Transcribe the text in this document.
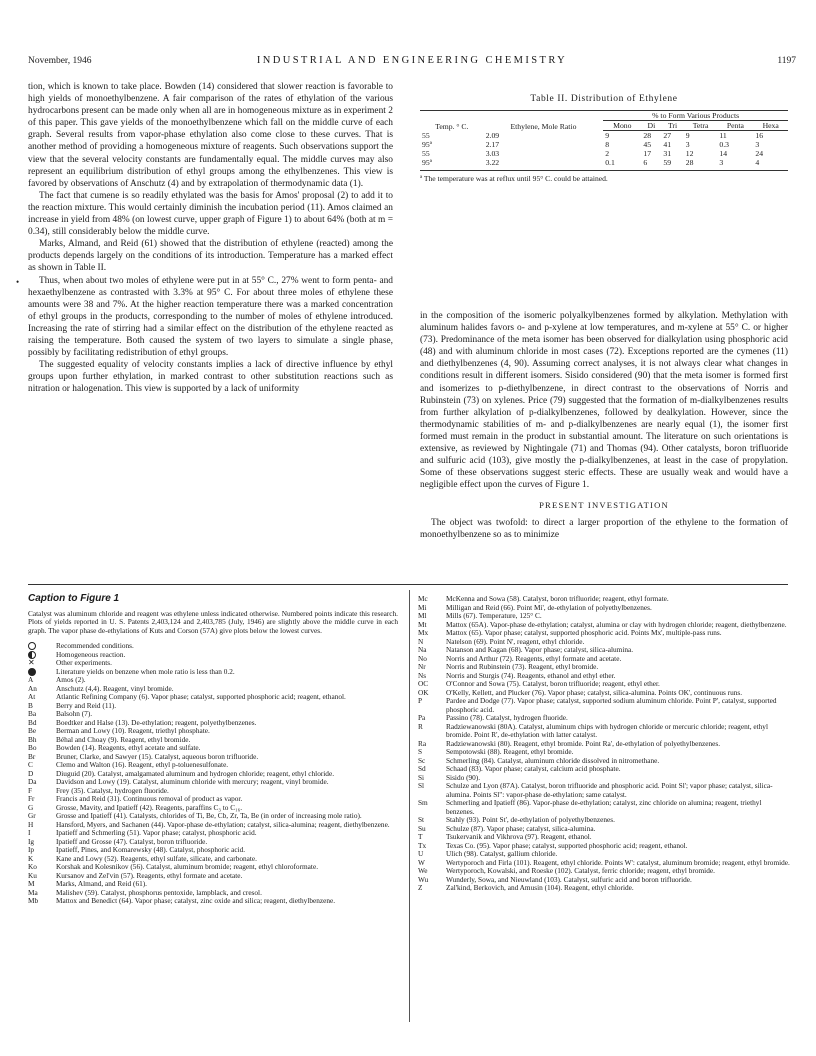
November, 1946	INDUSTRIAL AND ENGINEERING CHEMISTRY	1197
•

tion, which is known to take place. Bowden (14) considered that slower reaction is favorable to high yields of monoethylbenzene. A fair comparison of the rates of ethylation of the various hydrocarbons present can be made only when all are in homogeneous mixture as in experiment 2 of this paper. This gave yields of the monoethylbenzene which fall on the middle curve of each graph. Several results from vapor-phase ethylation also come close to these curves. That is another method of providing a homogeneous mixture of reagents. Such observations support the view that the several velocity constants are fundamentally equal. The middle curves may also represent an equilibrium distribution of ethyl groups among the ethylbenzenes. This view is favored by observations of Anschutz (4) and by extrapolation of thermodynamic data (1).

The fact that cumene is so readily ethylated was the basis for Amos' proposal (2) to add it to the reaction mixture. This would certainly diminish the incubation period (11). Amos claimed an increase in yield from 48% (on lowest curve, upper graph of Figure 1) to about 64% (both at m = 0.34), still considerably below the middle curve.

Marks, Almand, and Reid (61) showed that the distribution of ethylene (reacted) among the products depends largely on the conditions of its introduction. Temperature has a marked effect as shown in Table II.

Thus, when about two moles of ethylene were put in at 55° C., 27% went to form penta- and hexaethylbenzene as contrasted with 3.3% at 95° C. For about three moles of ethylene these amounts were 38 and 7%. At the higher reaction temperature there was a marked concentration of ethyl groups in the products, corresponding to the number of moles of ethylene introduced. Increasing the rate of stirring had a similar effect on the distribution of the ethylene reacted as raising the temperature. Both caused the system of two layers to simulate a single phase, possibly by facilitating redistribution of ethyl groups.

The suggested equality of velocity constants implies a lack of directive influence by ethyl groups upon further ethylation, in marked contrast to other substitution reactions such as nitration or halogenation. This view is supported by a lack of uniformity

Table II. Distribution of Ethylene
Temp. ° C.	Ethylene, Mole Ratio	% to Form Various Products					
		Mono	Di	Tri	Tetra	Penta	Hexa
55	2.09	9	28	27	9	11	16
95ª	2.17	8	45	41	3	0.3	3
55	3.03	2	17	31	12	14	24
95ª	3.22	0.1	6	59	28	3	4
ª The temperature was at reflux until 95° C. could be attained.

in the composition of the isomeric polyalkylbenzenes formed by alkylation. Methylation with aluminum halides favors o- and p-xylene at low temperatures, and m-xylene at 55° C. or higher (73). Predominance of the meta isomer has been observed for dialkylation using phosphoric acid (48) and with aluminum chloride in most cases (72). Exceptions reported are the cymenes (11) and diethylbenzenes (4, 90). Assuming correct analyses, it is not always clear what changes in conditions result in different isomers. Sisido considered (90) that the meta isomer is formed first and isomerizes to p-diethylbenzene, in direct contrast to the observations of Norris and Rubinstein (73) on xylenes. Price (79) suggested that the formation of m-dialkylbenzenes results from further alkylation of p-dialkylbenzenes, followed by dealkylation. However, since the thermodynamic stabilities of m- and p-dialkylbenzenes are nearly equal (1), the isomer first formed must remain in the product in substantial amount. The literature on such orientations is extensive, as reviewed by Nightingale (71) and Thomas (94). Other catalysts, boron trifluoride and sulfuric acid (103), give mostly the p-dialkylbenzenes, at least in the case of propylation. Some of these observations suggest steric effects. These are usually weak and would have a negligible effect upon the curves of Figure 1.

PRESENT INVESTIGATION

The object was twofold: to direct a larger proportion of the ethylene to the formation of monoethylbenzene so as to minimize

Caption to Figure 1
Catalyst was aluminum chloride and reagent was ethylene unless indicated otherwise. Numbered points indicate this research. Plots of yields reported in U. S. Patents 2,403,124 and 2,403,785 (July, 1946) are slightly above the middle curve in each graph. The vapor phase de-ethylations of Kuts and Corson (57A) give plots below the lowest curves.
Recommended conditions.
Homogeneous reaction.
✕	Other experiments.
Literature yields on benzene when mole ratio is less than 0.2.
A	Amos (2).
An	Anschutz (4,4). Reagent, vinyl bromide.
At	Atlantic Refining Company (6). Vapor phase; catalyst, supported phosphoric acid; reagent, ethanol.
B	Berry and Reid (11).
Ba	Balsohn (7).
Bd	Boedtker and Halse (13). De-ethylation; reagent, polyethylbenzenes.
Be	Berman and Lowy (10). Reagent, triethyl phosphate.
Bh	Béhal and Choay (9). Reagent, ethyl bromide.
Bo	Bowden (14). Reagents, ethyl acetate and sulfate.
Br	Bruner, Clarke, and Sawyer (15). Catalyst, aqueous boron trifluoride.
C	Clemo and Walton (16). Reagent, ethyl p-toluenesulfonate.
D	Diuguid (20). Catalyst, amalgamated aluminum and hydrogen chloride; reagent, ethyl chloride.
Da	Davidson and Lowy (19). Catalyst, aluminum chloride with mercury; reagent, vinyl bromide.
F	Frey (35). Catalyst, hydrogen fluoride.
Fr	Francis and Reid (31). Continuous removal of product as vapor.
G	Grosse, Mavity, and Ipatieff (42). Reagents, paraffins C₃ to C₁₆.
Gr	Grosse and Ipatieff (41). Catalysts, chlorides of Ti, Be, Cb, Zr, Ta, Be (in order of increasing mole ratio).
H	Hansford, Myers, and Sachanen (44). Vapor-phase de-ethylation; catalyst, silica-alumina; reagent, diethylbenzene.
I	Ipatieff and Schmerling (51). Vapor phase; catalyst, phosphoric acid.
Ig	Ipatieff and Grosse (47). Catalyst, boron trifluoride.
Ip	Ipatieff, Pines, and Komarewsky (48). Catalyst, phosphoric acid.
K	Kane and Lowy (52). Reagents, ethyl sulfate, silicate, and carbonate.
Ko	Korshak and Kolesnikov (56). Catalyst, aluminum bromide; reagent, ethyl chloroformate.
Ku	Kursanov and Zel'vin (57). Reagents, ethyl formate and acetate.
M	Marks, Almand, and Reid (61).
Ma	Malishev (59). Catalyst, phosphorus pentoxide, lampblack, and cresol.
Mb	Mattox and Benedict (64). Vapor phase; catalyst, zinc oxide and silica; reagent, diethylbenzene.
Mc	McKenna and Sowa (58). Catalyst, boron trifluoride; reagent, ethyl formate.
Mi	Milligan and Reid (66). Point Mi', de-ethylation of polyethylbenzenes.
Ml	Mills (67). Temperature, 125° C.
Mt	Mattox (65A). Vapor-phase de-ethylation; catalyst, alumina or clay with hydrogen chloride; reagent, diethylbenzene.
Mx	Mattox (65). Vapor phase; catalyst, supported phosphoric acid. Points Mx', multiple-pass runs.
N	Natelson (69). Point N', reagent, ethyl chloride.
Na	Natanson and Kagan (68). Vapor phase; catalyst, silica-alumina.
No	Norris and Arthur (72). Reagents, ethyl formate and acetate.
Nr	Norris and Rubinstein (73). Reagent, ethyl bromide.
Ns	Norris and Sturgis (74). Reagents, ethanol and ethyl ether.
OC	O'Connor and Sowa (75). Catalyst, boron trifluoride; reagent, ethyl ether.
OK	O'Kelly, Kellett, and Plucker (76). Vapor phase; catalyst, silica-alumina. Points OK', continuous runs.
P	Pardee and Dodge (77). Vapor phase; catalyst, supported sodium aluminum chloride. Point P', catalyst, supported phosphoric acid.
Pa	Passino (78). Catalyst, hydrogen fluoride.
R	Radziewanowski (80A). Catalyst, aluminum chips with hydrogen chloride or mercuric chloride; reagent, ethyl bromide. Point R', de-ethylation with latter catalyst.
Ra	Radziewanowski (80). Reagent, ethyl bromide. Point Ra', de-ethylation of polyethylbenzenes.
S	Sempotowski (88). Reagent, ethyl bromide.
Sc	Schmerling (84). Catalyst, aluminum chloride dissolved in nitromethane.
Sd	Schaad (83). Vapor phase; catalyst, calcium acid phosphate.
Si	Sisido (90).
Sl	Schulze and Lyon (87A). Catalyst, boron trifluoride and phosphoric acid. Point Sl'; vapor phase; catalyst, silica-alumina. Points Sl": vapor-phase de-ethylation; same catalyst.
Sm	Schmerling and Ipatieff (86). Vapor-phase de-ethylation; catalyst, zinc chloride on alumina; reagent, triethyl benzenes.
St	Stahly (93). Point St', de-ethylation of polyethylbenzenes.
Su	Schulze (87). Vapor phase; catalyst, silica-alumina.
T	Tsukervanik and Vikhrova (97). Reagent, ethanol.
Tx	Texas Co. (95). Vapor phase; catalyst, supported phosphoric acid; reagent, ethanol.
U	Ulich (98). Catalyst, gallium chloride.
W	Wertyporoch and Firla (101). Reagent, ethyl chloride. Points W': catalyst, aluminum bromide; reagent, ethyl bromide.
We	Wertyporoch, Kowalski, and Roeske (102). Catalyst, ferric chloride; reagent, ethyl bromide.
Wu	Wunderly, Sowa, and Nieuwland (103). Catalyst, sulfuric acid and boron trifluoride.
Z	Zal'kind, Berkovich, and Amusin (104). Reagent, ethyl chloride.
